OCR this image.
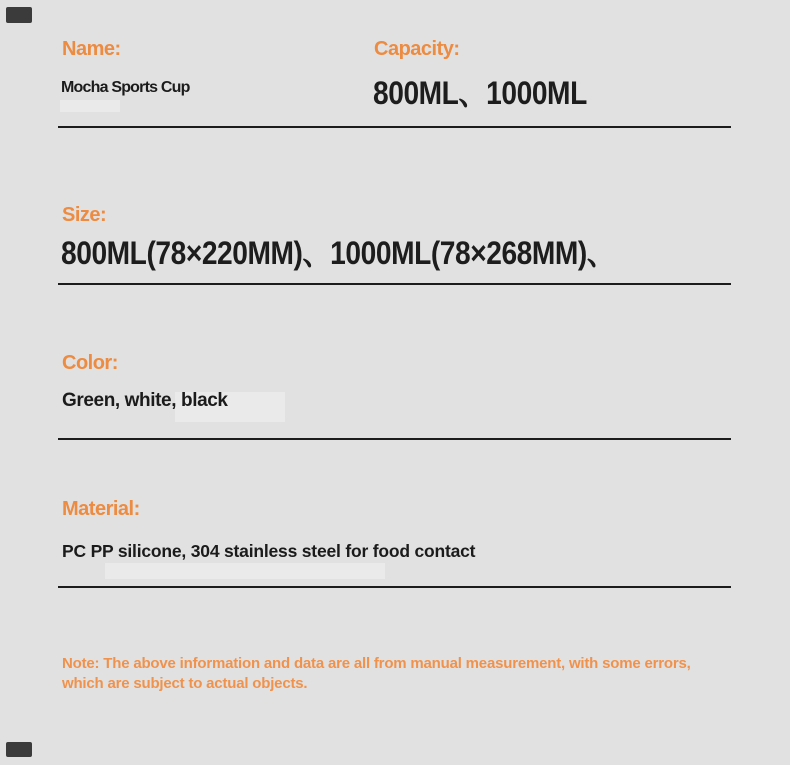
Name:
Mocha Sports Cup
Capacity:
800ML、1000ML
Size:
800ML(78×220MM)、1000ML(78×268MM)、
Color:
Green, white, black
Material:
PC PP silicone, 304 stainless steel for food contact
Note: The above information and data are all from manual measurement, with some errors, which are subject to actual objects.
